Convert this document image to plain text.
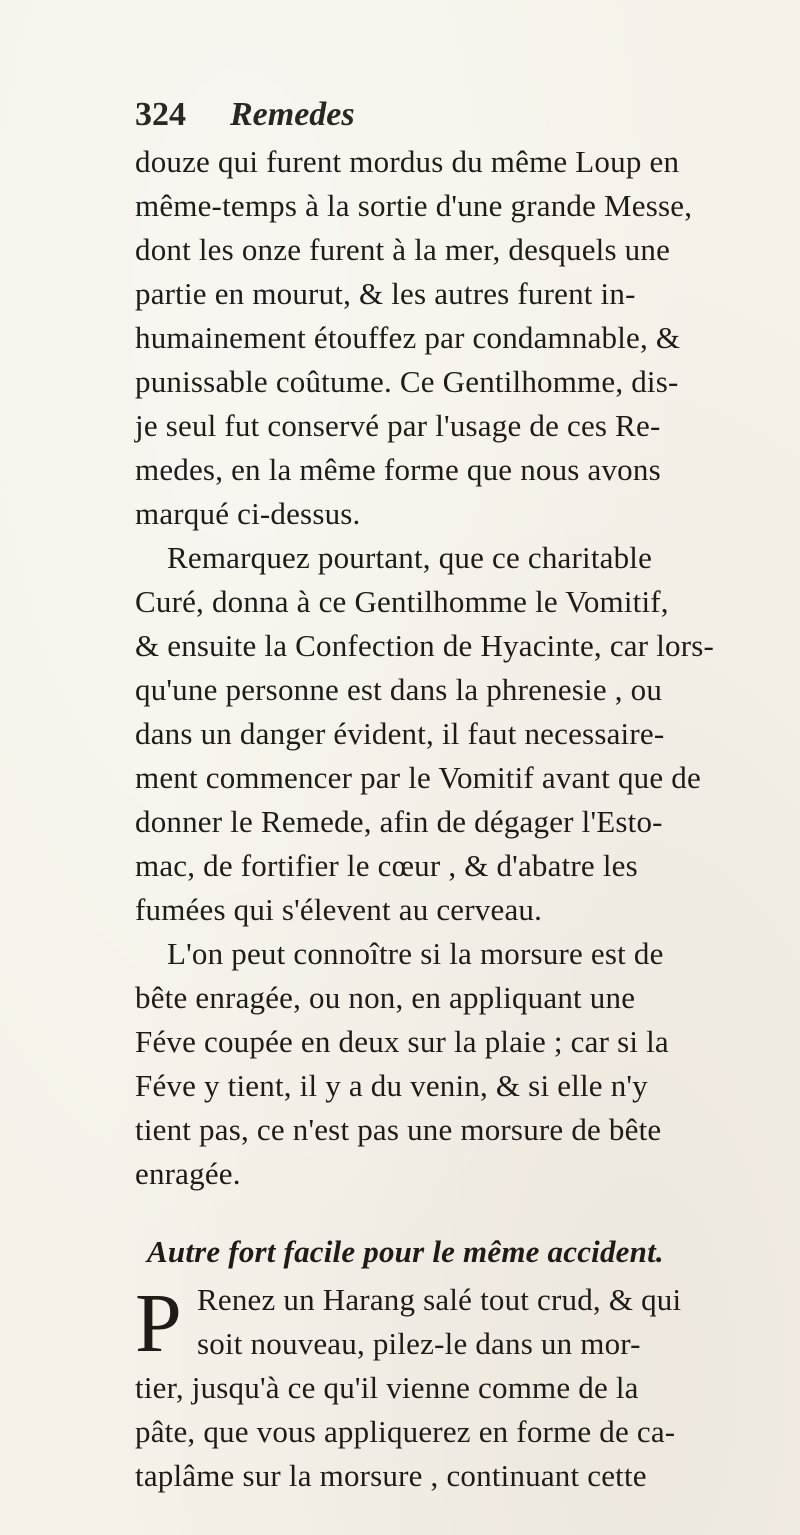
324 Remedes
douze qui furent mordus du même Loup en
même-temps à la sortie d'une grande Messe,
dont les onze furent à la mer, desquels une
partie en mourut, & les autres furent in-
humainement étouffez par condamnable, &
punissable coûtume. Ce Gentilhomme, dis-
je seul fut conservé par l'usage de ces Re-
medes, en la même forme que nous avons
marqué ci-dessus.
Remarquez pourtant, que ce charitable
Curé, donna à ce Gentilhomme le Vomitif,
& ensuite la Confection de Hyacinte, car lors-
qu'une personne est dans la phrenesie , ou
dans un danger évident, il faut necessaire-
ment commencer par le Vomitif avant que de
donner le Remede, afin de dégager l'Esto-
mac, de fortifier le cœur , & d'abatre les
fumées qui s'élevent au cerveau.
L'on peut connoître si la morsure est de
bête enragée, ou non, en appliquant une
Féve coupée en deux sur la plaie ; car si la
Féve y tient, il y a du venin, & si elle n'y
tient pas, ce n'est pas une morsure de bête
enragée.
Autre fort facile pour le même accident.
P Renez un Harang salé tout crud, & qui
soit nouveau, pilez-le dans un mor-
tier, jusqu'à ce qu'il vienne comme de la
pâte, que vous appliquerez en forme de ca-
taplâme sur la morsure , continuant cette
